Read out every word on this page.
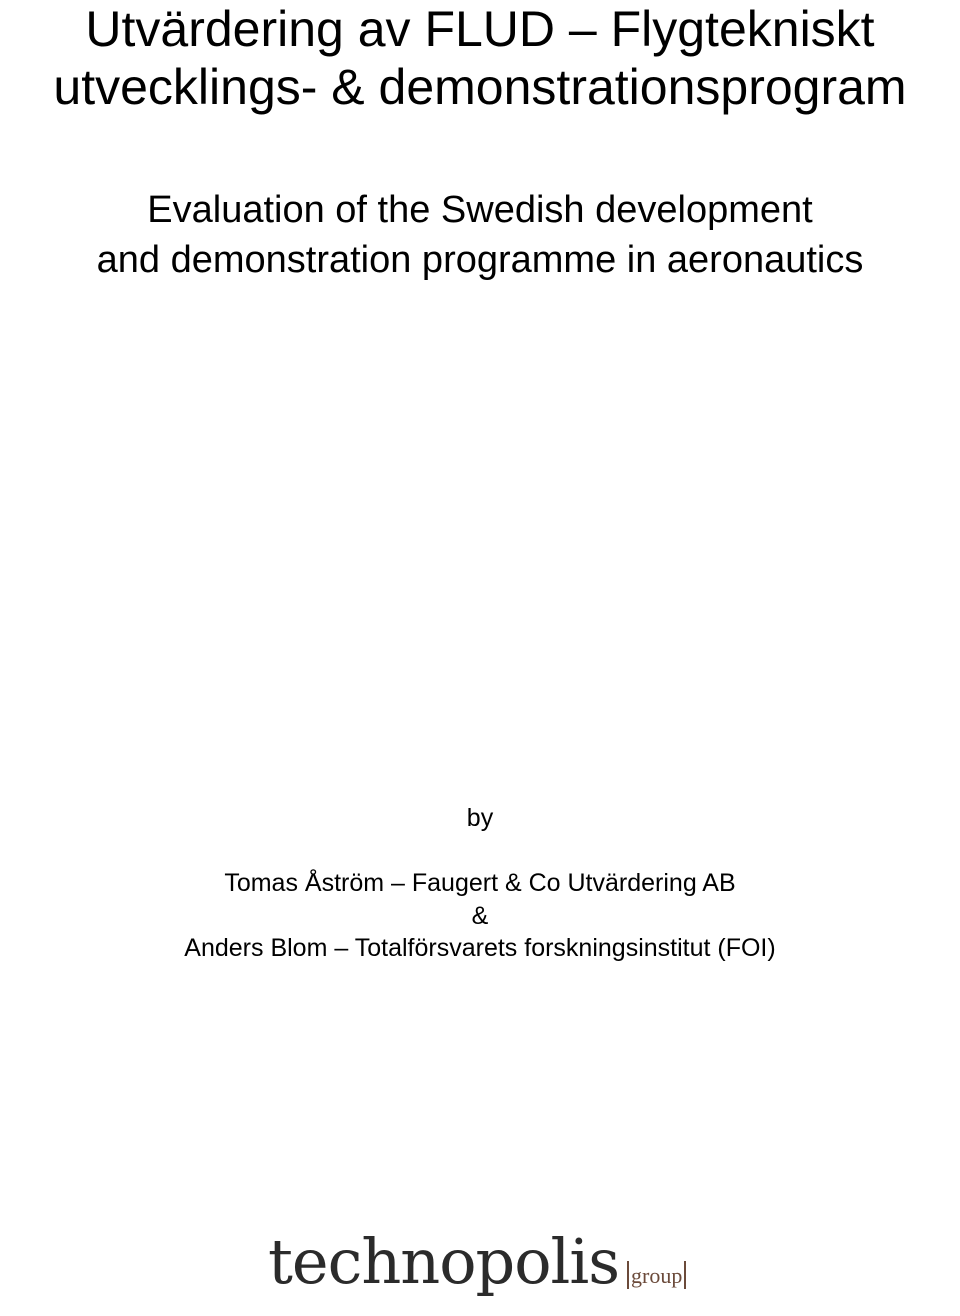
Utvärdering av FLUD – Flygtekniskt
utvecklings- & demonstrationsprogram
Evaluation of the Swedish development
and demonstration programme in aeronautics
by
Tomas Åström – Faugert & Co Utvärdering AB
&
Anders Blom – Totalförsvarets forskningsinstitut (FOI)
technopolis group
